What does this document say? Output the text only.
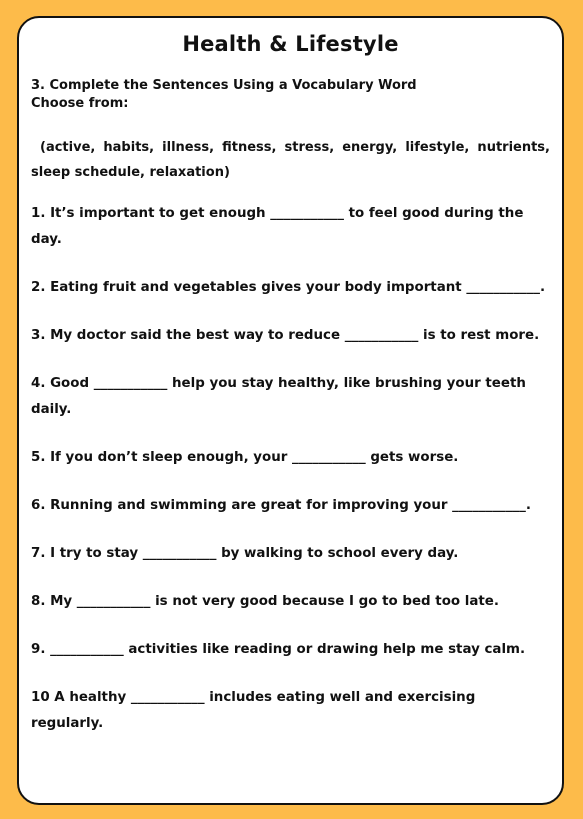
Health & Lifestyle
3. Complete the Sentences Using a Vocabulary Word
Choose from:
(active, habits, illness, fitness, stress, energy, lifestyle, nutrients, sleep schedule, relaxation)

1. It’s important to get enough ___________ to feel good during the day.

2. Eating fruit and vegetables gives your body important ___________.

3. My doctor said the best way to reduce ___________ is to rest more.

4. Good ___________ help you stay healthy, like brushing your teeth daily.

5. If you don’t sleep enough, your ___________ gets worse.

6. Running and swimming are great for improving your ___________.

7. I try to stay ___________ by walking to school every day.

8. My ___________ is not very good because I go to bed too late.

9. ___________ activities like reading or drawing help me stay calm.

10 A healthy ___________ includes eating well and exercising regularly.
